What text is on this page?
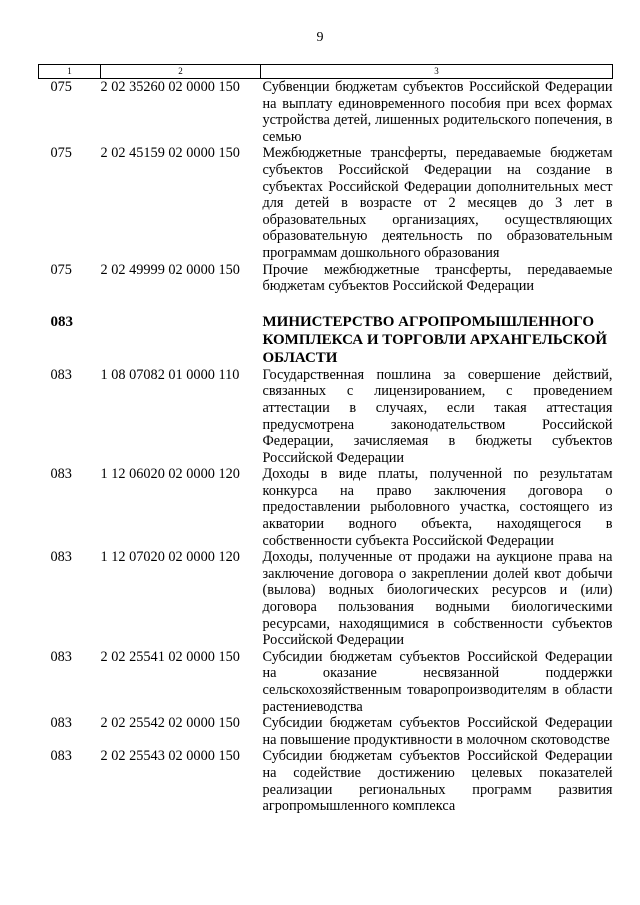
9
1	2	3
075	2 02 35260 02 0000 150	Субвенции бюджетам субъектов Российской Федерации на выплату единовременного пособия при всех формах устройства детей, лишенных родительского попечения, в семью
075	2 02 45159 02 0000 150	Межбюджетные трансферты, передаваемые бюджетам субъектов Российской Федерации на создание в субъектах Российской Федерации дополнительных мест для детей в возрасте от 2 месяцев до 3 лет в образовательных организациях, осуществляющих образовательную деятельность по образовательным программам дошкольного образования
075	2 02 49999 02 0000 150	Прочие межбюджетные трансферты, передаваемые бюджетам субъектов Российской Федерации
083		МИНИСТЕРСТВО АГРОПРОМЫШЛЕННОГО КОМПЛЕКСА И ТОРГОВЛИ АРХАНГЕЛЬСКОЙ ОБЛАСТИ
083	1 08 07082 01 0000 110	Государственная пошлина за совершение действий, связанных с лицензированием, с проведением аттестации в случаях, если такая аттестация предусмотрена законодательством Российской Федерации, зачисляемая в бюджеты субъектов Российской Федерации
083	1 12 06020 02 0000 120	Доходы в виде платы, полученной по результатам конкурса на право заключения договора о предоставлении рыболовного участка, состоящего из акватории водного объекта, находящегося в собственности субъекта Российской Федерации
083	1 12 07020 02 0000 120	Доходы, полученные от продажи на аукционе права на заключение договора о закреплении долей квот добычи (вылова) водных биологических ресурсов и (или) договора пользования водными биологическими ресурсами, находящимися в собственности субъектов Российской Федерации
083	2 02 25541 02 0000 150	Субсидии бюджетам субъектов Российской Федерации на оказание несвязанной поддержки сельскохозяйственным товаропроизводителям в области растениеводства
083	2 02 25542 02 0000 150	Субсидии бюджетам субъектов Российской Федерации на повышение продуктивности в молочном скотоводстве
083	2 02 25543 02 0000 150	Субсидии бюджетам субъектов Российской Федерации на содействие достижению целевых показателей реализации региональных программ развития агропромышленного комплекса
